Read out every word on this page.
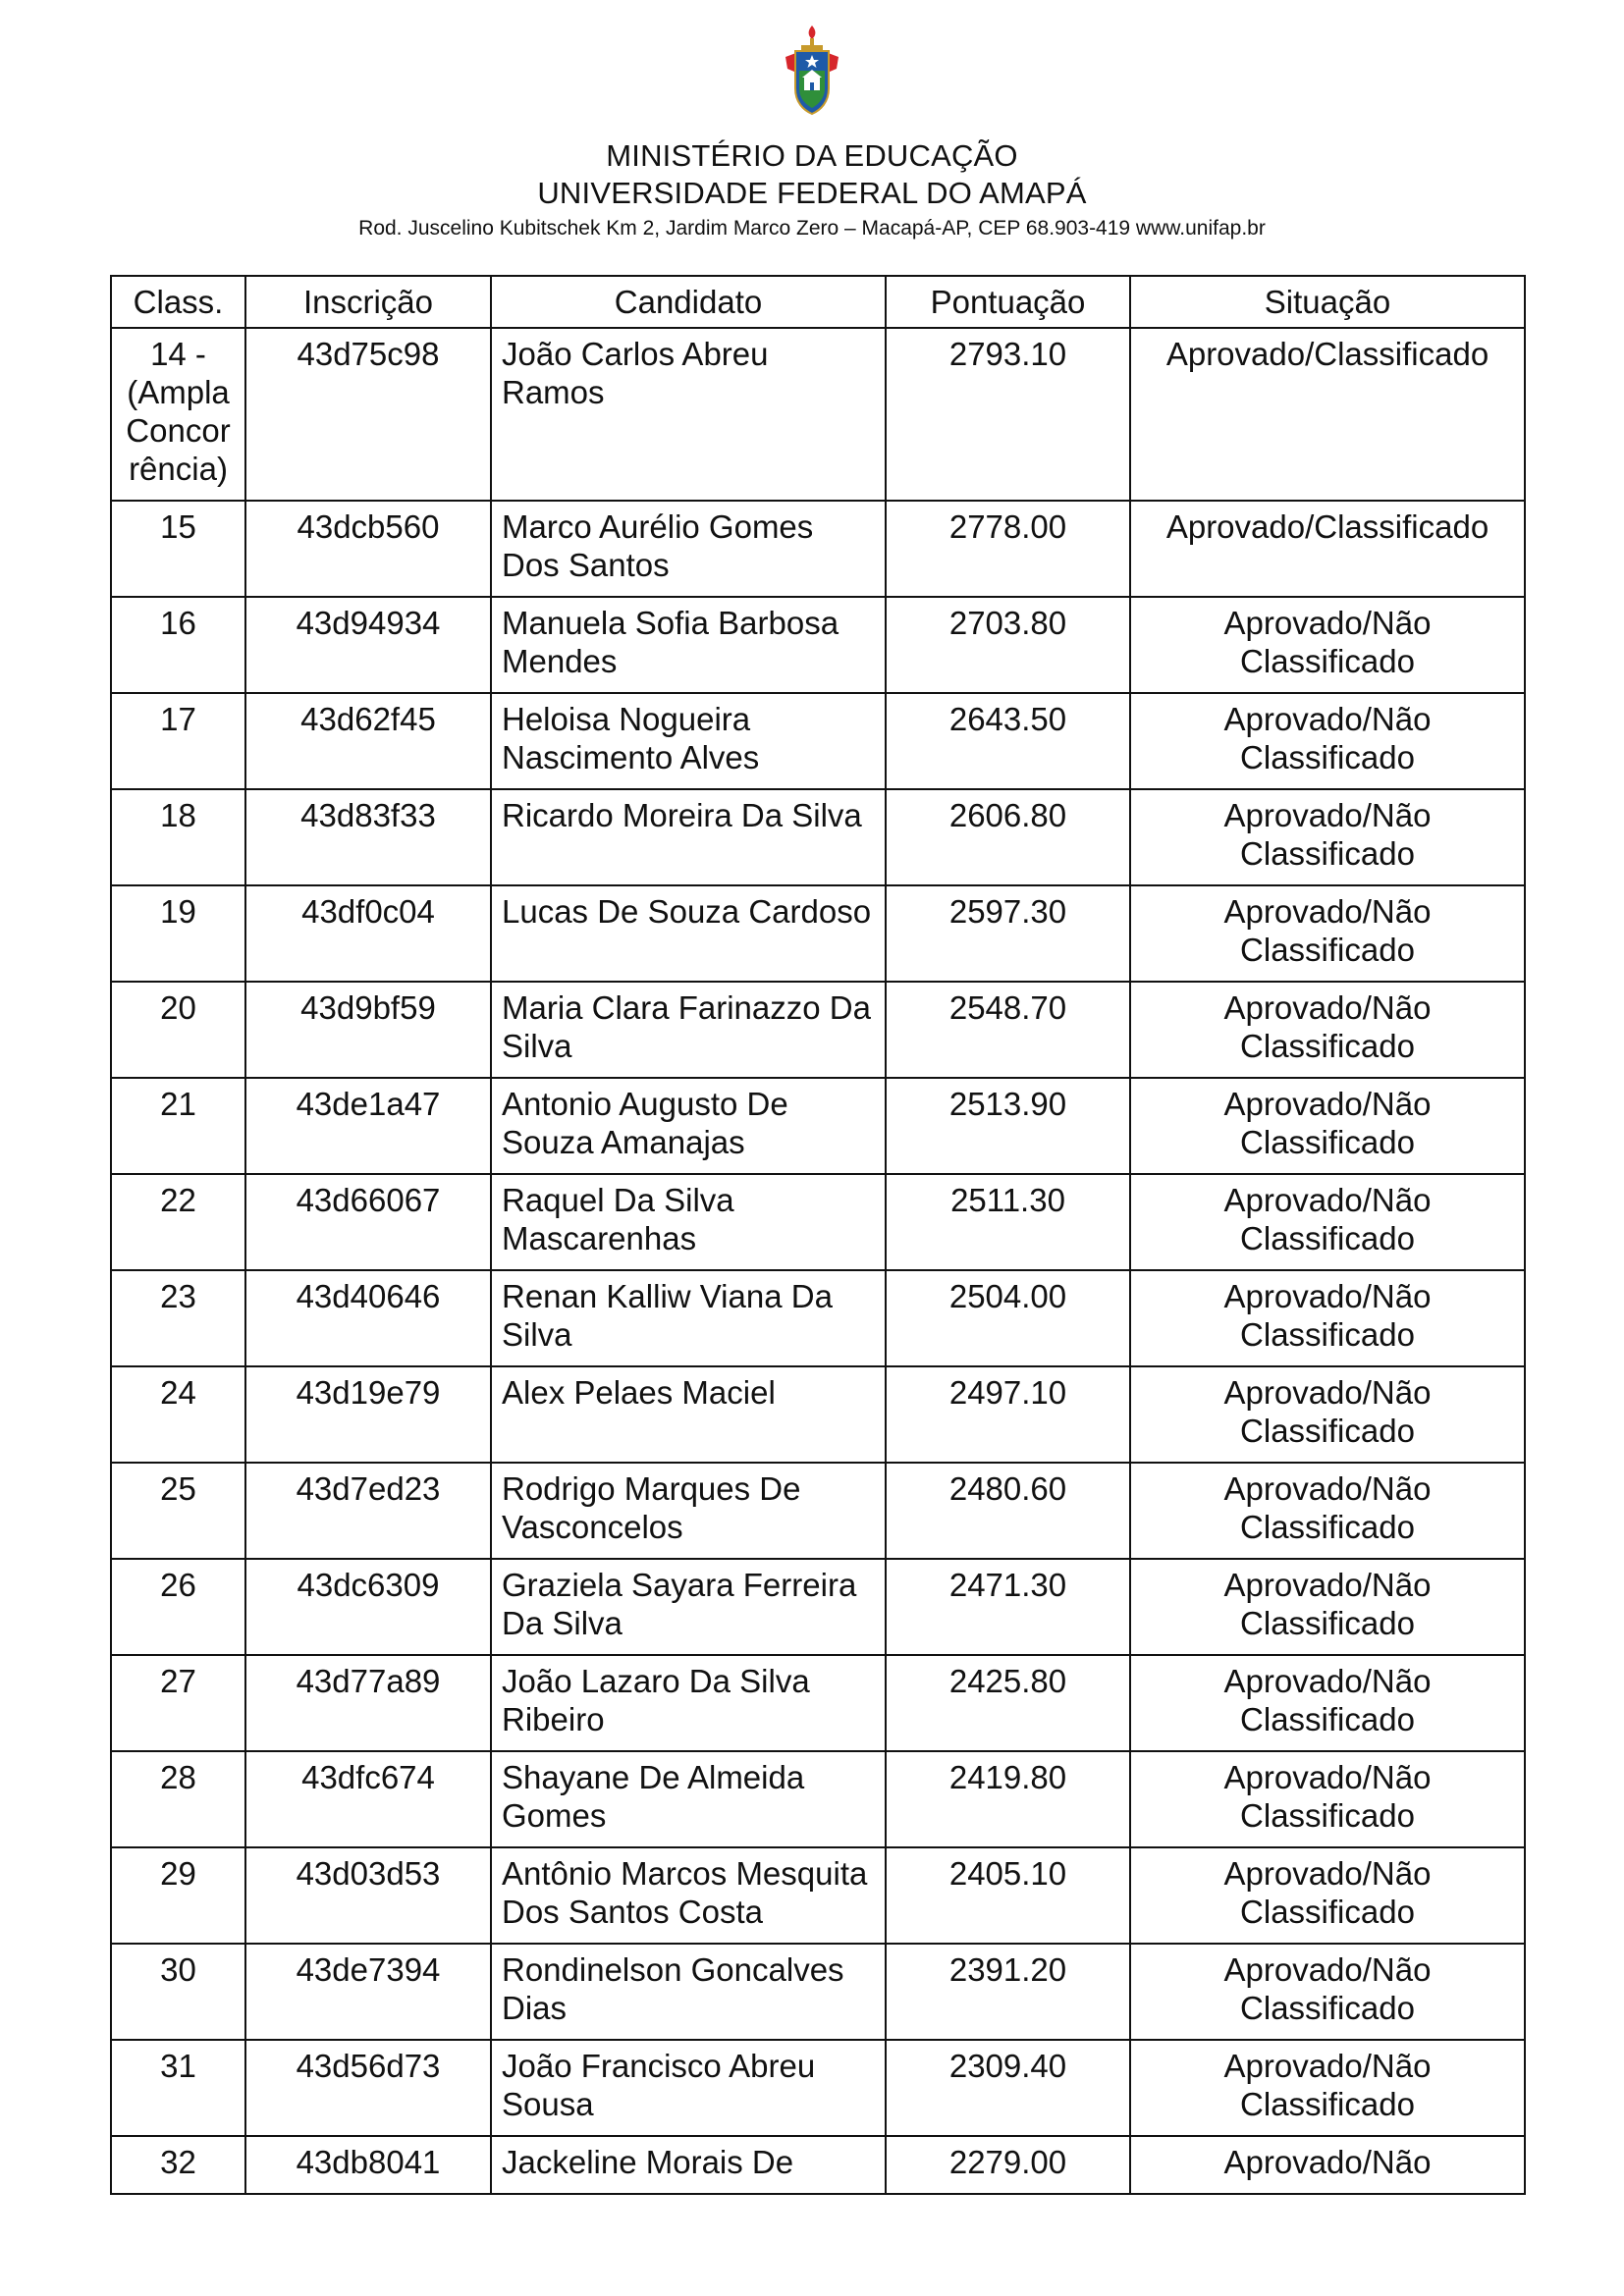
MINISTÉRIO DA EDUCAÇÃO
UNIVERSIDADE FEDERAL DO AMAPÁ
Rod. Juscelino Kubitschek Km 2, Jardim Marco Zero – Macapá-AP, CEP 68.903-419 www.unifap.br
Class.	Inscrição	Candidato	Pontuação	Situação
14 - (Ampla Concor rência)	43d75c98	João Carlos Abreu Ramos	2793.10	Aprovado/Classificado
15	43dcb560	Marco Aurélio Gomes Dos Santos	2778.00	Aprovado/Classificado
16	43d94934	Manuela Sofia Barbosa Mendes	2703.80	Aprovado/Não Classificado
17	43d62f45	Heloisa Nogueira Nascimento Alves	2643.50	Aprovado/Não Classificado
18	43d83f33	Ricardo Moreira Da Silva	2606.80	Aprovado/Não Classificado
19	43df0c04	Lucas De Souza Cardoso	2597.30	Aprovado/Não Classificado
20	43d9bf59	Maria Clara Farinazzo Da Silva	2548.70	Aprovado/Não Classificado
21	43de1a47	Antonio Augusto De Souza Amanajas	2513.90	Aprovado/Não Classificado
22	43d66067	Raquel Da Silva Mascarenhas	2511.30	Aprovado/Não Classificado
23	43d40646	Renan Kalliw Viana Da Silva	2504.00	Aprovado/Não Classificado
24	43d19e79	Alex Pelaes Maciel	2497.10	Aprovado/Não Classificado
25	43d7ed23	Rodrigo Marques De Vasconcelos	2480.60	Aprovado/Não Classificado
26	43dc6309	Graziela Sayara Ferreira Da Silva	2471.30	Aprovado/Não Classificado
27	43d77a89	João Lazaro Da Silva Ribeiro	2425.80	Aprovado/Não Classificado
28	43dfc674	Shayane De Almeida Gomes	2419.80	Aprovado/Não Classificado
29	43d03d53	Antônio Marcos Mesquita Dos Santos Costa	2405.10	Aprovado/Não Classificado
30	43de7394	Rondinelson Goncalves Dias	2391.20	Aprovado/Não Classificado
31	43d56d73	João Francisco Abreu Sousa	2309.40	Aprovado/Não Classificado
32	43db8041	Jackeline Morais De	2279.00	Aprovado/Não
